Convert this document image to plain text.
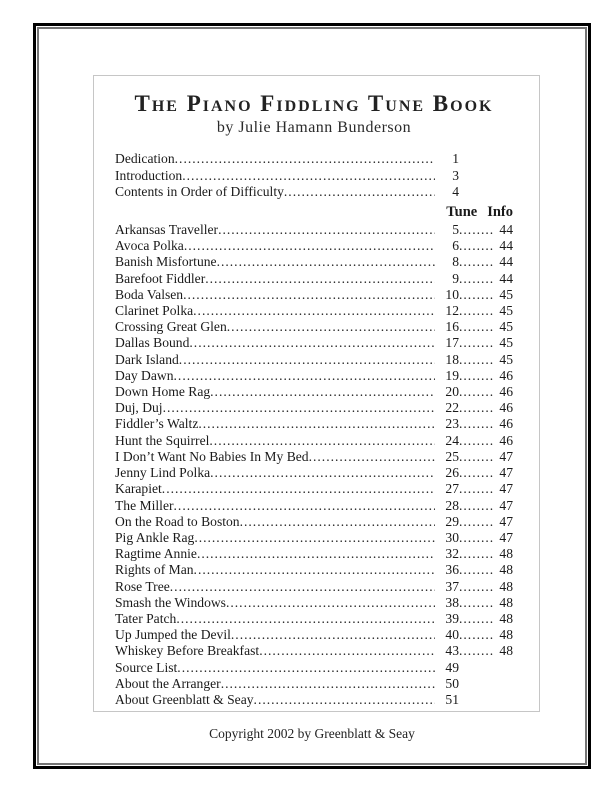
The Piano Fiddling Tune Book
by Julie Hamann Bunderson
Dedication .....	1
Introduction .....	3
Contents in Order of Difficulty .....	4
Tune Info
Arkansas Traveller .....	5 .....	44
Avoca Polka .....	6 .....	44
Banish Misfortune .....	8 .....	44
Barefoot Fiddler .....	9 .....	44
Boda Valsen .....	10 .....	45
Clarinet Polka .....	12 .....	45
Crossing Great Glen .....	16 .....	45
Dallas Bound .....	17 .....	45
Dark Island .....	18 .....	45
Day Dawn .....	19 .....	46
Down Home Rag .....	20 .....	46
Duj, Duj .....	22 .....	46
Fiddler’s Waltz .....	23 .....	46
Hunt the Squirrel .....	24 .....	46
I Don’t Want No Babies In My Bed .....	25 .....	47
Jenny Lind Polka .....	26 .....	47
Karapiet .....	27 .....	47
The Miller .....	28 .....	47
On the Road to Boston .....	29 .....	47
Pig Ankle Rag .....	30 .....	47
Ragtime Annie .....	32 .....	48
Rights of Man .....	36 .....	48
Rose Tree .....	37 .....	48
Smash the Windows .....	38 .....	48
Tater Patch .....	39 .....	48
Up Jumped the Devil .....	40 .....	48
Whiskey Before Breakfast .....	43 .....	48
Source List .....	49
About the Arranger .....	50
About Greenblatt & Seay .....	51
Copyright 2002 by Greenblatt & Seay
